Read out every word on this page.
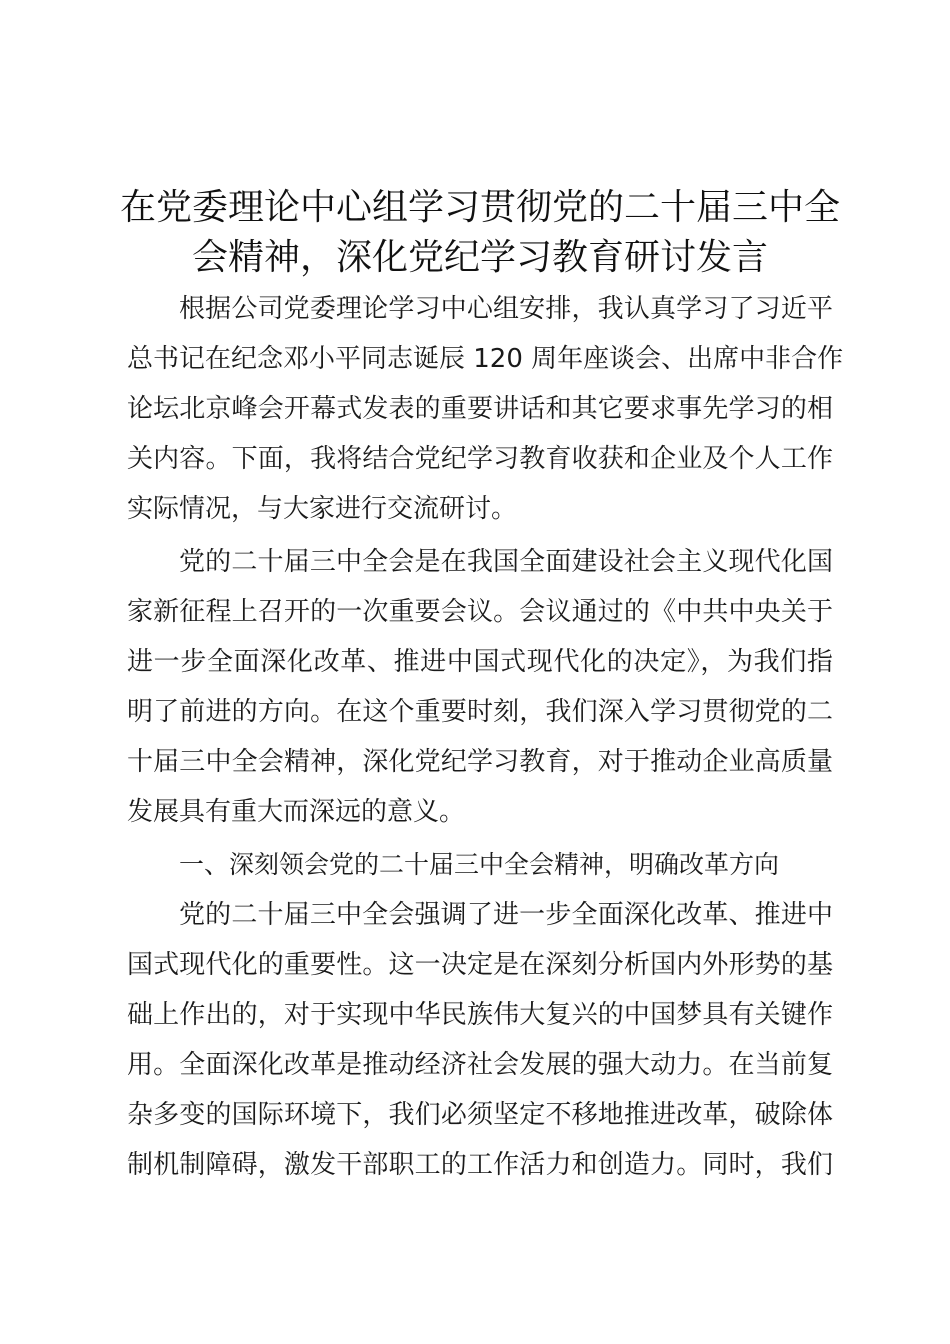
在党委理论中心组学习贯彻党的二十届三中全
会精神，深化党纪学习教育研讨发言
根据公司党委理论学习中心组安排，我认真学习了习近平
总书记在纪念邓小平同志诞辰 120 周年座谈会、出席中非合作
论坛北京峰会开幕式发表的重要讲话和其它要求事先学习的相
关内容。下面，我将结合党纪学习教育收获和企业及个人工作
实际情况，与大家进行交流研讨。
党的二十届三中全会是在我国全面建设社会主义现代化国
家新征程上召开的一次重要会议。会议通过的《中共中央关于
进一步全面深化改革、推进中国式现代化的决定》，为我们指
明了前进的方向。在这个重要时刻，我们深入学习贯彻党的二
十届三中全会精神，深化党纪学习教育，对于推动企业高质量
发展具有重大而深远的意义。

一、深刻领会党的二十届三中全会精神，明确改革方向

党的二十届三中全会强调了进一步全面深化改革、推进中
国式现代化的重要性。这一决定是在深刻分析国内外形势的基
础上作出的，对于实现中华民族伟大复兴的中国梦具有关键作
用。全面深化改革是推动经济社会发展的强大动力。在当前复
杂多变的国际环境下，我们必须坚定不移地推进改革，破除体
制机制障碍，激发干部职工的工作活力和创造力。同时，我们
